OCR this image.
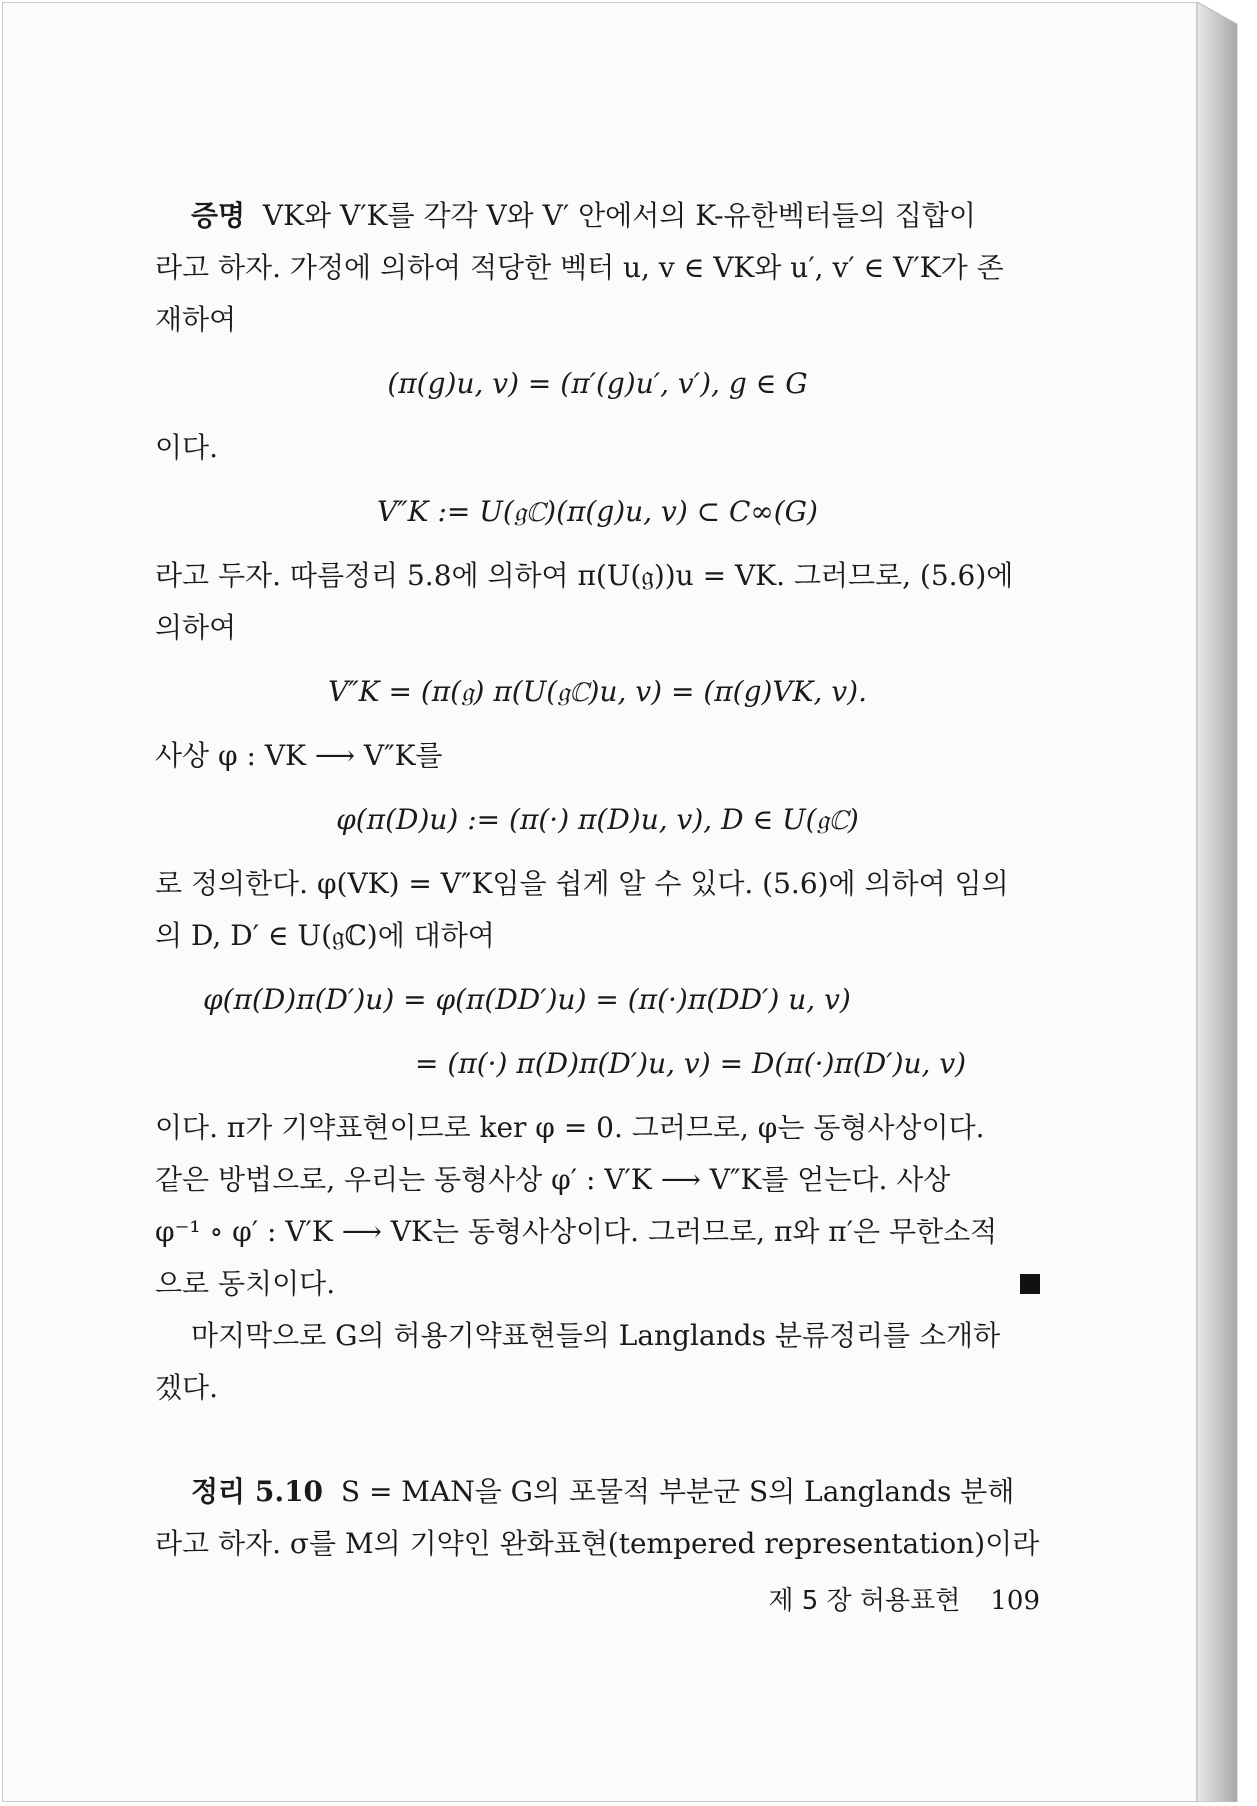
증명 VK와 V′K를 각각 V와 V′ 안에서의 K-유한벡터들의 집합이

라고 하자. 가정에 의하여 적당한 벡터 u, v ∈ VK와 u′, v′ ∈ V′K가 존

재하여

(π(g)u, v) = (π′(g)u′, v′), g ∈ G

이다.

V″K := U(𝔤ℂ)(π(g)u, v) ⊂ C∞(G)

라고 두자. 따름정리 5.8에 의하여 π(U(𝔤))u = VK. 그러므로, (5.6)에

의하여

V″K = (π(𝔤) π(U(𝔤ℂ)u, v) = (π(g)VK, v).

사상 φ : VK ⟶ V″K를

φ(π(D)u) := (π(·) π(D)u, v), D ∈ U(𝔤ℂ)

로 정의한다. φ(VK) = V″K임을 쉽게 알 수 있다. (5.6)에 의하여 임의

의 D, D′ ∈ U(𝔤ℂ)에 대하여

φ(π(D)π(D′)u) = φ(π(DD′)u) = (π(·)π(DD′) u, v)

= (π(·) π(D)π(D′)u, v) = D(π(·)π(D′)u, v)

이다. π가 기약표현이므로 ker φ = 0. 그러므로, φ는 동형사상이다.

같은 방법으로, 우리는 동형사상 φ′ : V′K ⟶ V″K를 얻는다. 사상

φ⁻¹ ∘ φ′ : V′K ⟶ VK는 동형사상이다. 그러므로, π와 π′은 무한소적

으로 동치이다.

마지막으로 G의 허용기약표현들의 Langlands 분류정리를 소개하

겠다.

정리 5.10 S = MAN을 G의 포물적 부분군 S의 Langlands 분해

라고 하자. σ를 M의 기약인 완화표현(tempered representation)이라

제 5 장 허용표현 109
